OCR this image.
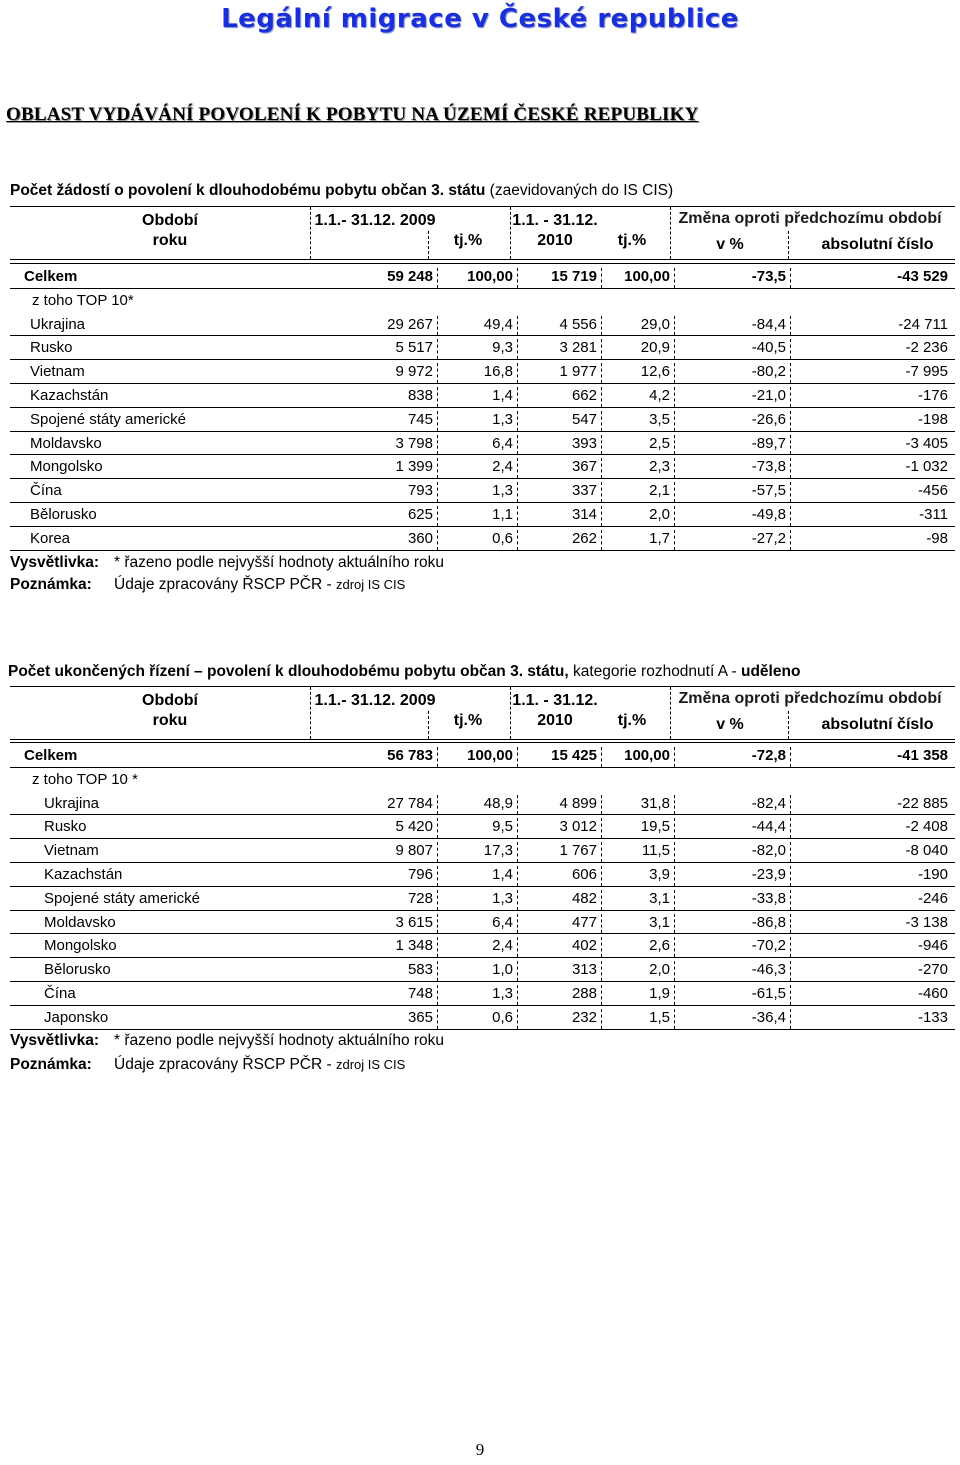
Legální migrace v České republice
OBLAST VYDÁVÁNÍ POVOLENÍ K POBYTU NA ÚZEMÍ ČESKÉ REPUBLIKY
Počet žádostí o povolení k dlouhodobému pobytu občan 3. státu (zaevidovaných do IS CIS)
Období roku
1.1.- 31.12. 2009
tj.%
1.1. - 31.12. 2010	tj.%
Změna oproti předchozímu období
v %	absolutní číslo
Celkem	59 248	100,00	15 719	100,00	-73,5	-43 529
z toho TOP 10*
Ukrajina	29 267	49,4	4 556	29,0	-84,4	-24 711
Rusko	5 517	9,3	3 281	20,9	-40,5	-2 236
Vietnam	9 972	16,8	1 977	12,6	-80,2	-7 995
Kazachstán	838	1,4	662	4,2	-21,0	-176
Spojené státy americké	745	1,3	547	3,5	-26,6	-198
Moldavsko	3 798	6,4	393	2,5	-89,7	-3 405
Mongolsko	1 399	2,4	367	2,3	-73,8	-1 032
Čína	793	1,3	337	2,1	-57,5	-456
Bělorusko	625	1,1	314	2,0	-49,8	-311
Korea	360	0,6	262	1,7	-27,2	-98
Vysvětlivka: * řazeno podle nejvyšší hodnoty aktuálního roku
Poznámka: Údaje zpracovány ŘSCP PČR - zdroj IS CIS
Počet ukončených řízení – povolení k dlouhodobému pobytu občan 3. státu, kategorie rozhodnutí A - uděleno
Období roku
1.1.- 31.12. 2009
tj.%
1.1. - 31.12. 2010	tj.%
Změna oproti předchozímu období
v %	absolutní číslo
Celkem	56 783	100,00	15 425	100,00	-72,8	-41 358
z toho TOP 10 *
Ukrajina	27 784	48,9	4 899	31,8	-82,4	-22 885
Rusko	5 420	9,5	3 012	19,5	-44,4	-2 408
Vietnam	9 807	17,3	1 767	11,5	-82,0	-8 040
Kazachstán	796	1,4	606	3,9	-23,9	-190
Spojené státy americké	728	1,3	482	3,1	-33,8	-246
Moldavsko	3 615	6,4	477	3,1	-86,8	-3 138
Mongolsko	1 348	2,4	402	2,6	-70,2	-946
Bělorusko	583	1,0	313	2,0	-46,3	-270
Čína	748	1,3	288	1,9	-61,5	-460
Japonsko	365	0,6	232	1,5	-36,4	-133
Vysvětlivka: * řazeno podle nejvyšší hodnoty aktuálního roku
Poznámka: Údaje zpracovány ŘSCP PČR - zdroj IS CIS
9
